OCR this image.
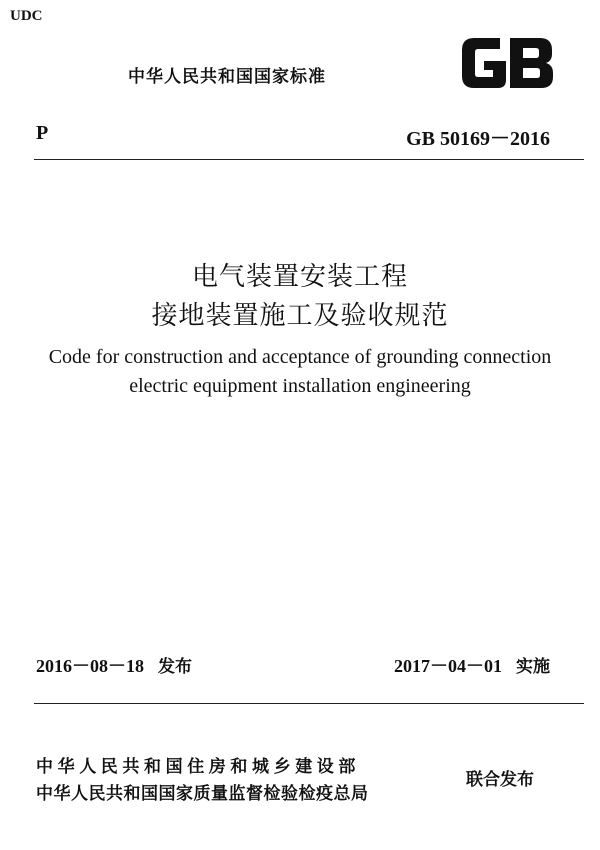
UDC
中华人民共和国国家标准
P	GB 50169－2016
电气装置安装工程
接地装置施工及验收规范
Code for construction and acceptance of grounding connection
electric equipment installation engineering
2016－08－18 发布	2017－04－01 实施
中华人民共和国住房和城乡建设部
中华人民共和国国家质量监督检验检疫总局
联合发布
